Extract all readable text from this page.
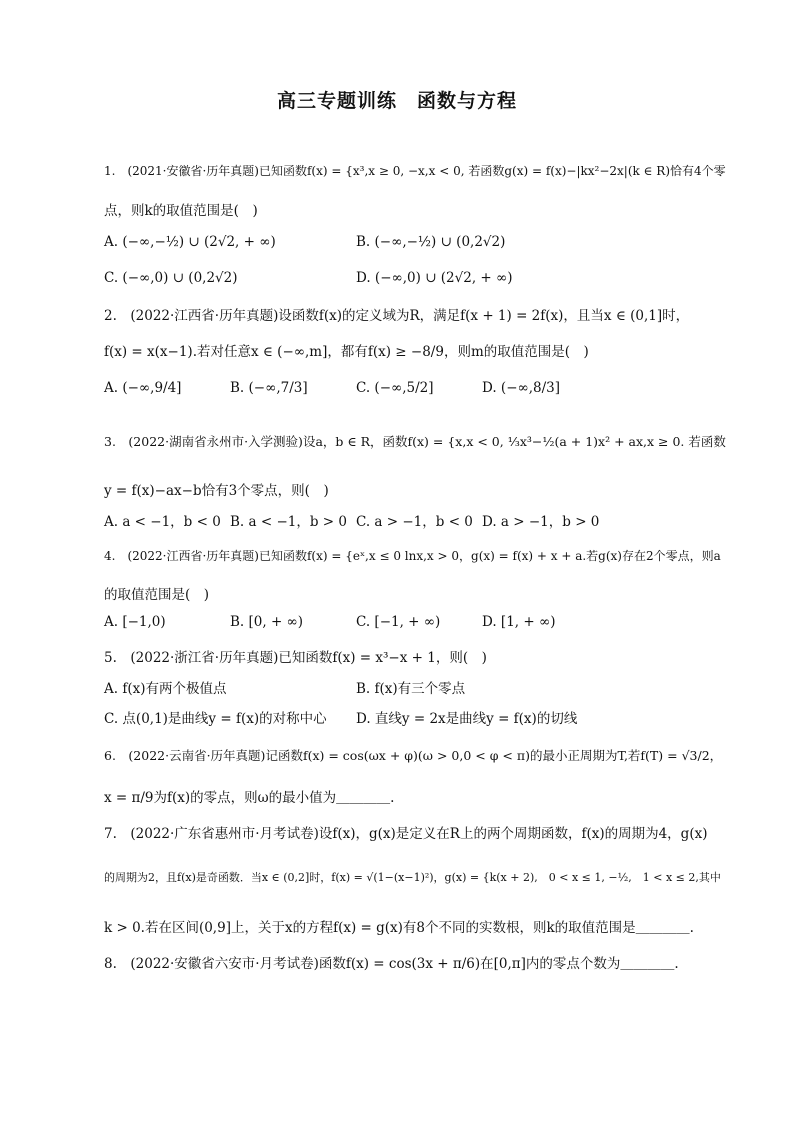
高三专题训练　函数与方程
1.　(2021·安徽省·历年真题)已知函数f(x) = {x³,x ≥ 0, −x,x < 0, 若函数g(x) = f(x)−|kx²−2x|(k ∈ R)恰有4个零
点，则k的取值范围是(　)
A. (−∞,−½) ∪ (2√2, + ∞)	B. (−∞,−½) ∪ (0,2√2)
C. (−∞,0) ∪ (0,2√2)	D. (−∞,0) ∪ (2√2, + ∞)
2.　(2022·江西省·历年真题)设函数f(x)的定义域为R，满足f(x + 1) = 2f(x)，且当x ∈ (0,1]时，
f(x) = x(x−1).若对任意x ∈ (−∞,m]，都有f(x) ≥ −8/9，则m的取值范围是(　)
A. (−∞,9/4]	B. (−∞,7/3]	C. (−∞,5/2]	D. (−∞,8/3]
3.　(2022·湖南省永州市·入学测验)设a，b ∈ R，函数f(x) = {x,x < 0, ⅓x³−½(a + 1)x² + ax,x ≥ 0. 若函数
y = f(x)−ax−b恰有3个零点，则(　)
A. a < −1，b < 0 B. a < −1，b > 0 C. a > −1，b < 0 D. a > −1，b > 0
4.　(2022·江西省·历年真题)已知函数f(x) = {eˣ,x ≤ 0 lnx,x > 0，g(x) = f(x) + x + a.若g(x)存在2个零点，则a
的取值范围是(　)
A. [−1,0)	B. [0, + ∞)	C. [−1, + ∞)	D. [1, + ∞)
5.　(2022·浙江省·历年真题)已知函数f(x) = x³−x + 1，则(　)
A. f(x)有两个极值点	B. f(x)有三个零点
C. 点(0,1)是曲线y = f(x)的对称中心 D. 直线y = 2x是曲线y = f(x)的切线
6.　(2022·云南省·历年真题)记函数f(x) = cos(ωx + φ)(ω > 0,0 < φ < π)的最小正周期为T,若f(T) = √3/2，
x = π/9为f(x)的零点，则ω的最小值为＿＿＿＿.
7.　(2022·广东省惠州市·月考试卷)设f(x)，g(x)是定义在R上的两个周期函数，f(x)的周期为4，g(x)
的周期为2，且f(x)是奇函数．当x ∈ (0,2]时，f(x) = √(1−(x−1)²)，g(x) = {k(x + 2),　0 < x ≤ 1, −½,　1 < x ≤ 2,其中
k > 0.若在区间(0,9]上，关于x的方程f(x) = g(x)有8个不同的实数根，则k的取值范围是＿＿＿＿.
8.　(2022·安徽省六安市·月考试卷)函数f(x) = cos(3x + π/6)在[0,π]内的零点个数为＿＿＿＿.
